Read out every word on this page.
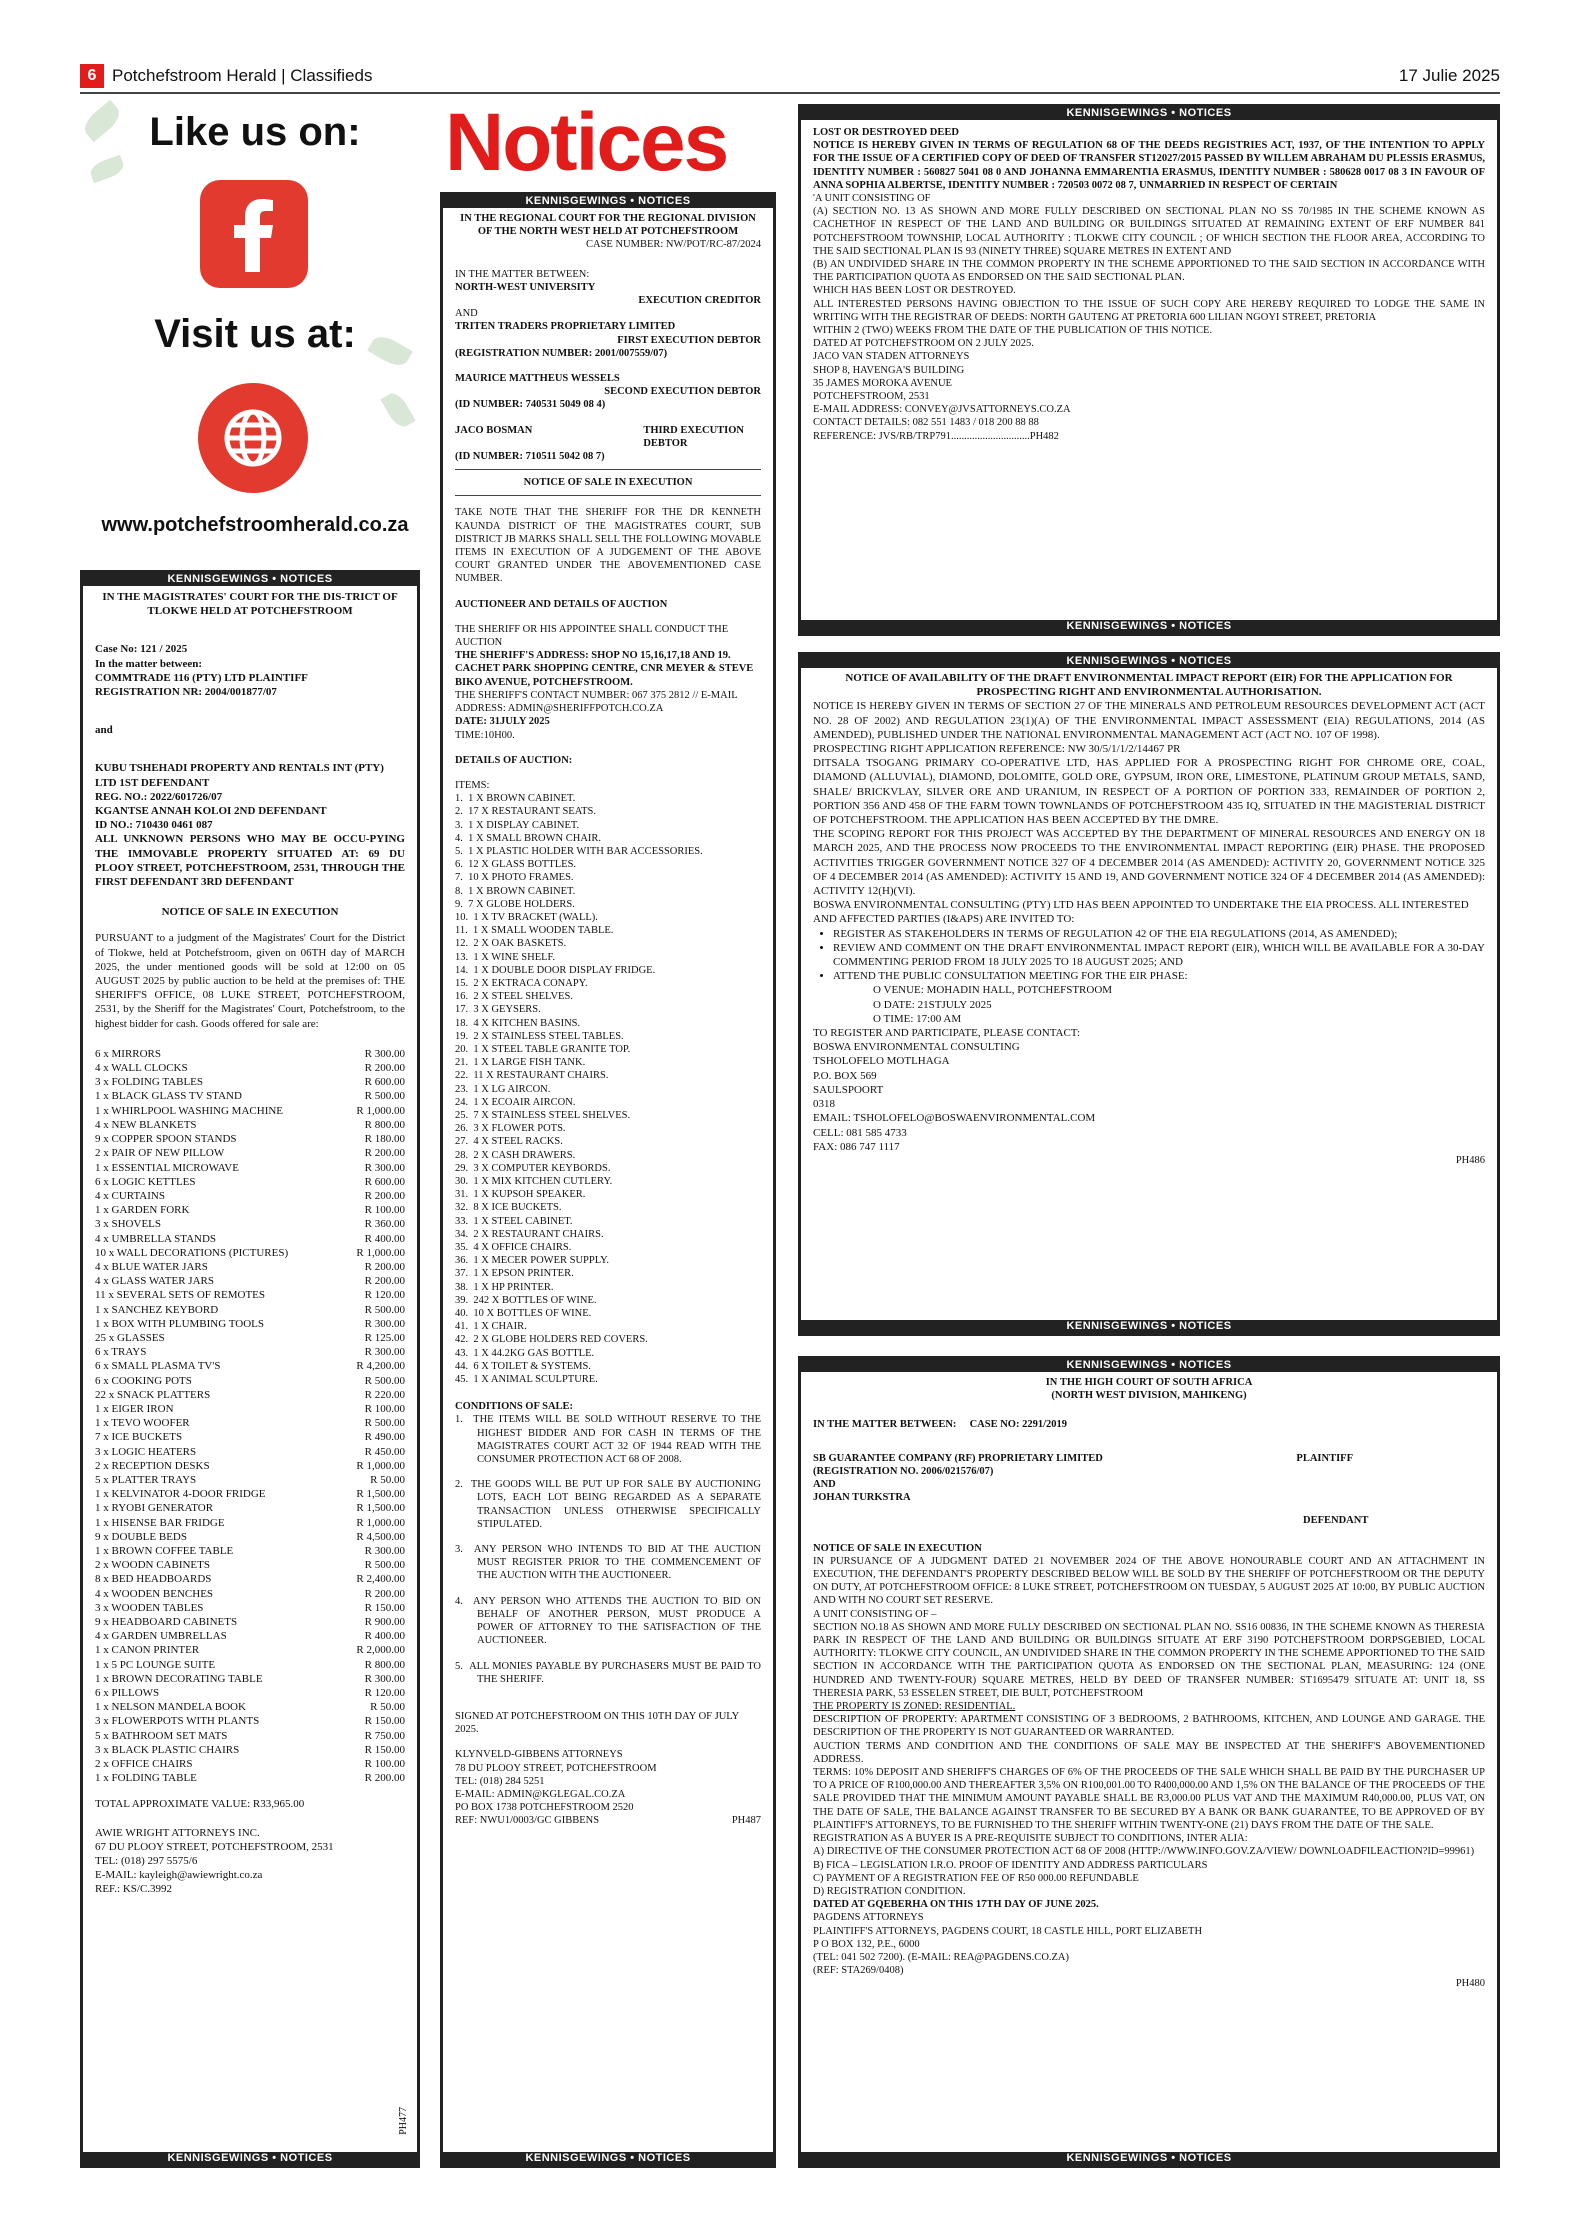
6 Potchefstroom Herald | Classifieds	17 Julie 2025
Like us on:
Visit us at:
www.potchefstroomherald.co.za
Notices
KENNISGEWINGS • NOTICES

IN THE MAGISTRATES' COURT FOR THE DIS-TRICT OF TLOKWE HELD AT POTCHEFSTROOM

Case No: 121 / 2025
In the matter between:
COMMTRADE 116 (PTY) LTD PLAINTIFF
REGISTRATION NR: 2004/001877/07
and
KUBU TSHEHADI PROPERTY AND RENTALS INT (PTY) LTD 1ST DEFENDANT
REG. NO.: 2022/601726/07
KGANTSE ANNAH KOLOI 2ND DEFENDANT
ID NO.: 710430 0461 087
ALL UNKNOWN PERSONS WHO MAY BE OCCU-PYING THE IMMOVABLE PROPERTY SITUATED AT: 69 DU PLOOY STREET, POTCHEFSTROOM, 2531, THROUGH THE FIRST DEFENDANT 3RD DEFENDANT

NOTICE OF SALE IN EXECUTION

PURSUANT to a judgment of the Magistrates' Court for the District of Tlokwe, held at Potchefstroom, given on 06TH day of MARCH 2025, the under mentioned goods will be sold at 12:00 on 05 AUGUST 2025 by public auction to be held at the premises of: THE SHERIFF'S OFFICE, 08 LUKE STREET, POTCHEFSTROOM, 2531, by the Sheriff for the Magistrates' Court, Potchefstroom, to the highest bidder for cash. Goods offered for sale are:

6 x MIRRORS	R 300.00
4 x WALL CLOCKS	R 200.00
3 x FOLDING TABLES	R 600.00
1 x BLACK GLASS TV STAND	R 500.00
1 x WHIRLPOOL WASHING MACHINE	R 1,000.00
4 x NEW BLANKETS	R 800.00
9 x COPPER SPOON STANDS	R 180.00
2 x PAIR OF NEW PILLOW	R 200.00
1 x ESSENTIAL MICROWAVE	R 300.00
6 x LOGIC KETTLES	R 600.00
4 x CURTAINS	R 200.00
1 x GARDEN FORK	R 100.00
3 x SHOVELS	R 360.00
4 x UMBRELLA STANDS	R 400.00
10 x WALL DECORATIONS (PICTURES)	R 1,000.00
4 x BLUE WATER JARS	R 200.00
4 x GLASS WATER JARS	R 200.00
11 x SEVERAL SETS OF REMOTES	R 120.00
1 x SANCHEZ KEYBORD	R 500.00
1 x BOX WITH PLUMBING TOOLS	R 300.00
25 x GLASSES	R 125.00
6 x TRAYS	R 300.00
6 x SMALL PLASMA TV'S	R 4,200.00
6 x COOKING POTS	R 500.00
22 x SNACK PLATTERS	R 220.00
1 x EIGER IRON	R 100.00
1 x TEVO WOOFER	R 500.00
7 x ICE BUCKETS	R 490.00
3 x LOGIC HEATERS	R 450.00
2 x RECEPTION DESKS	R 1,000.00
5 x PLATTER TRAYS	R 50.00
1 x KELVINATOR 4-DOOR FRIDGE	R 1,500.00
1 x RYOBI GENERATOR	R 1,500.00
1 x HISENSE BAR FRIDGE	R 1,000.00
9 x DOUBLE BEDS	R 4,500.00
1 x BROWN COFFEE TABLE	R 300.00
2 x WOODN CABINETS	R 500.00
8 x BED HEADBOARDS	R 2,400.00
4 x WOODEN BENCHES	R 200.00
3 x WOODEN TABLES	R 150.00
9 x HEADBOARD CABINETS	R 900.00
4 x GARDEN UMBRELLAS	R 400.00
1 x CANON PRINTER	R 2,000.00
1 x 5 PC LOUNGE SUITE	R 800.00
1 x BROWN DECORATING TABLE	R 300.00
6 x PILLOWS	R 120.00
1 x NELSON MANDELA BOOK	R 50.00
3 x FLOWERPOTS WITH PLANTS	R 150.00
5 x BATHROOM SET MATS	R 750.00
3 x BLACK PLASTIC CHAIRS	R 150.00
2 x OFFICE CHAIRS	R 100.00
1 x FOLDING TABLE	R 200.00
TOTAL APPROXIMATE VALUE: R33,965.00
AWIE WRIGHT ATTORNEYS INC.
67 DU PLOOY STREET, POTCHEFSTROOM, 2531
TEL: (018) 297 5575/6
E-MAIL: kayleigh@awiewright.co.za
REF.: KS/C.3992
PH477
KENNISGEWINGS • NOTICES
KENNISGEWINGS • NOTICES
IN THE REGIONAL COURT FOR THE REGIONAL DIVISION OF THE NORTH WEST HELD AT POTCHEFSTROOM
CASE NUMBER: NW/POT/RC-87/2024
IN THE MATTER BETWEEN:
NORTH-WEST UNIVERSITY
EXECUTION CREDITOR
AND
TRITEN TRADERS PROPRIETARY LIMITED
FIRST EXECUTION DEBTOR
(REGISTRATION NUMBER: 2001/007559/07)
MAURICE MATTHEUS WESSELS
SECOND EXECUTION DEBTOR
(ID NUMBER: 740531 5049 08 4)
JACO BOSMAN	THIRD EXECUTION DEBTOR
(ID NUMBER: 710511 5042 08 7)
NOTICE OF SALE IN EXECUTION

TAKE NOTE THAT THE SHERIFF FOR THE DR KENNETH KAUNDA DISTRICT OF THE MAGISTRATES COURT, SUB DISTRICT JB MARKS SHALL SELL THE FOLLOWING MOVABLE ITEMS IN EXECUTION OF A JUDGEMENT OF THE ABOVE COURT GRANTED UNDER THE ABOVEMENTIONED CASE NUMBER.

AUCTIONEER AND DETAILS OF AUCTION

THE SHERIFF OR HIS APPOINTEE SHALL CONDUCT THE AUCTION
THE SHERIFF'S ADDRESS: SHOP NO 15,16,17,18 AND 19. CACHET PARK SHOPPING CENTRE, CNR MEYER & STEVE BIKO AVENUE, POTCHEFSTROOM.
THE SHERIFF'S CONTACT NUMBER: 067 375 2812 // E-MAIL ADDRESS: ADMIN@SHERIFFPOTCH.CO.ZA
DATE: 31JULY 2025
TIME:10H00.

DETAILS OF AUCTION:

ITEMS:
1. 1 X BROWN CABINET.
2. 17 X RESTAURANT SEATS.
3. 1 X DISPLAY CABINET.
4. 1 X SMALL BROWN CHAIR.
5. 1 X PLASTIC HOLDER WITH BAR ACCESSORIES.
6. 12 X GLASS BOTTLES.
7. 10 X PHOTO FRAMES.
8. 1 X BROWN CABINET.
9. 7 X GLOBE HOLDERS.
10. 1 X TV BRACKET (WALL).
11. 1 X SMALL WOODEN TABLE.
12. 2 X OAK BASKETS.
13. 1 X WINE SHELF.
14. 1 X DOUBLE DOOR DISPLAY FRIDGE.
15. 2 X EKTRACA CONAPY.
16. 2 X STEEL SHELVES.
17. 3 X GEYSERS.
18. 4 X KITCHEN BASINS.
19. 2 X STAINLESS STEEL TABLES.
20. 1 X STEEL TABLE GRANITE TOP.
21. 1 X LARGE FISH TANK.
22. 11 X RESTAURANT CHAIRS.
23. 1 X LG AIRCON.
24. 1 X ECOAIR AIRCON.
25. 7 X STAINLESS STEEL SHELVES.
26. 3 X FLOWER POTS.
27. 4 X STEEL RACKS.
28. 2 X CASH DRAWERS.
29. 3 X COMPUTER KEYBORDS.
30. 1 X MIX KITCHEN CUTLERY.
31. 1 X KUPSOH SPEAKER.
32. 8 X ICE BUCKETS.
33. 1 X STEEL CABINET.
34. 2 X RESTAURANT CHAIRS.
35. 4 X OFFICE CHAIRS.
36. 1 X MECER POWER SUPPLY.
37. 1 X EPSON PRINTER.
38. 1 X HP PRINTER.
39. 242 X BOTTLES OF WINE.
40. 10 X BOTTLES OF WINE.
41. 1 X CHAIR.
42. 2 X GLOBE HOLDERS RED COVERS.
43. 1 X 44.2KG GAS BOTTLE.
44. 6 X TOILET & SYSTEMS.
45. 1 X ANIMAL SCULPTURE.
CONDITIONS OF SALE:
1. THE ITEMS WILL BE SOLD WITHOUT RESERVE TO THE HIGHEST BIDDER AND FOR CASH IN TERMS OF THE MAGISTRATES COURT ACT 32 OF 1944 READ WITH THE CONSUMER PROTECTION ACT 68 OF 2008.
2. THE GOODS WILL BE PUT UP FOR SALE BY AUCTIONING LOTS, EACH LOT BEING REGARDED AS A SEPARATE TRANSACTION UNLESS OTHERWISE SPECIFICALLY STIPULATED.
3. ANY PERSON WHO INTENDS TO BID AT THE AUCTION MUST REGISTER PRIOR TO THE COMMENCEMENT OF THE AUCTION WITH THE AUCTIONEER.
4. ANY PERSON WHO ATTENDS THE AUCTION TO BID ON BEHALF OF ANOTHER PERSON, MUST PRODUCE A POWER OF ATTORNEY TO THE SATISFACTION OF THE AUCTIONEER.
5. ALL MONIES PAYABLE BY PURCHASERS MUST BE PAID TO THE SHERIFF.

SIGNED AT POTCHEFSTROOM ON THIS 10TH DAY OF JULY 2025.

KLYNVELD-GIBBENS ATTORNEYS
78 DU PLOOY STREET, POTCHEFSTROOM
TEL: (018) 284 5251
E-MAIL: ADMIN@KGLEGAL.CO.ZA
PO BOX 1738 POTCHEFSTROOM 2520
REF: NWU1/0003/GC GIBBENS	PH487
KENNISGEWINGS • NOTICES
KENNISGEWINGS • NOTICES
LOST OR DESTROYED DEED
NOTICE IS HEREBY GIVEN IN TERMS OF REGULATION 68 OF THE DEEDS REGISTRIES ACT, 1937, OF THE INTENTION TO APPLY FOR THE ISSUE OF A CERTIFIED COPY OF DEED OF TRANSFER ST12027/2015 PASSED BY WILLEM ABRAHAM DU PLESSIS ERASMUS, IDENTITY NUMBER : 560827 5041 08 0 AND JOHANNA EMMARENTIA ERASMUS, IDENTITY NUMBER : 580628 0017 08 3 IN FAVOUR OF ANNA SOPHIA ALBERTSE, IDENTITY NUMBER : 720503 0072 08 7, UNMARRIED IN RESPECT OF CERTAIN
'A UNIT CONSISTING OF
(A) SECTION NO. 13 AS SHOWN AND MORE FULLY DESCRIBED ON SECTIONAL PLAN NO SS 70/1985 IN THE SCHEME KNOWN AS CACHETHOF IN RESPECT OF THE LAND AND BUILDING OR BUILDINGS SITUATED AT REMAINING EXTENT OF ERF NUMBER 841 POTCHEFSTROOM TOWNSHIP, LOCAL AUTHORITY : TLOKWE CITY COUNCIL ; OF WHICH SECTION THE FLOOR AREA, ACCORDING TO THE SAID SECTIONAL PLAN IS 93 (NINETY THREE) SQUARE METRES IN EXTENT AND
(B) AN UNDIVIDED SHARE IN THE COMMON PROPERTY IN THE SCHEME APPORTIONED TO THE SAID SECTION IN ACCORDANCE WITH THE PARTICIPATION QUOTA AS ENDORSED ON THE SAID SECTIONAL PLAN.
WHICH HAS BEEN LOST OR DESTROYED.
ALL INTERESTED PERSONS HAVING OBJECTION TO THE ISSUE OF SUCH COPY ARE HEREBY REQUIRED TO LODGE THE SAME IN WRITING WITH THE REGISTRAR OF DEEDS: NORTH GAUTENG AT PRETORIA 600 LILIAN NGOYI STREET, PRETORIA
WITHIN 2 (TWO) WEEKS FROM THE DATE OF THE PUBLICATION OF THIS NOTICE.
DATED AT POTCHEFSTROOM ON 2 JULY 2025.
JACO VAN STADEN ATTORNEYS
SHOP 8, HAVENGA'S BUILDING
35 JAMES MOROKA AVENUE
POTCHEFSTROOM, 2531
E-MAIL ADDRESS: CONVEY@JVSATTORNEYS.CO.ZA
CONTACT DETAILS: 082 551 1483 / 018 200 88 88
REFERENCE: JVS/RB/TRP791..............................PH482
KENNISGEWINGS • NOTICES
KENNISGEWINGS • NOTICES
NOTICE OF AVAILABILITY OF THE DRAFT ENVIRONMENTAL IMPACT REPORT (EIR) FOR THE APPLICATION FOR PROSPECTING RIGHT AND ENVIRONMENTAL AUTHORISATION.
NOTICE IS HEREBY GIVEN IN TERMS OF SECTION 27 OF THE MINERALS AND PETROLEUM RESOURCES DEVELOPMENT ACT (ACT NO. 28 OF 2002) AND REGULATION 23(1)(A) OF THE ENVIRONMENTAL IMPACT ASSESSMENT (EIA) REGULATIONS, 2014 (AS AMENDED), PUBLISHED UNDER THE NATIONAL ENVIRONMENTAL MANAGEMENT ACT (ACT NO. 107 OF 1998).
PROSPECTING RIGHT APPLICATION REFERENCE: NW 30/5/1/1/2/14467 PR
DITSALA TSOGANG PRIMARY CO-OPERATIVE LTD, HAS APPLIED FOR A PROSPECTING RIGHT FOR CHROME ORE, COAL, DIAMOND (ALLUVIAL), DIAMOND, DOLOMITE, GOLD ORE, GYPSUM, IRON ORE, LIMESTONE, PLATINUM GROUP METALS, SAND, SHALE/ BRICKVLAY, SILVER ORE AND URANIUM, IN RESPECT OF A PORTION OF PORTION 333, REMAINDER OF PORTION 2, PORTION 356 AND 458 OF THE FARM TOWN TOWNLANDS OF POTCHEFSTROOM 435 IQ, SITUATED IN THE MAGISTERIAL DISTRICT OF POTCHEFSTROOM. THE APPLICATION HAS BEEN ACCEPTED BY THE DMRE.
THE SCOPING REPORT FOR THIS PROJECT WAS ACCEPTED BY THE DEPARTMENT OF MINERAL RESOURCES AND ENERGY ON 18 MARCH 2025, AND THE PROCESS NOW PROCEEDS TO THE ENVIRONMENTAL IMPACT REPORTING (EIR) PHASE. THE PROPOSED ACTIVITIES TRIGGER GOVERNMENT NOTICE 327 OF 4 DECEMBER 2014 (AS AMENDED): ACTIVITY 20, GOVERNMENT NOTICE 325 OF 4 DECEMBER 2014 (AS AMENDED): ACTIVITY 15 AND 19, AND GOVERNMENT NOTICE 324 OF 4 DECEMBER 2014 (AS AMENDED): ACTIVITY 12(H)(VI).
BOSWA ENVIRONMENTAL CONSULTING (PTY) LTD HAS BEEN APPOINTED TO UNDERTAKE THE EIA PROCESS. ALL INTERESTED
AND AFFECTED PARTIES (I&APS) ARE INVITED TO:
• REGISTER AS STAKEHOLDERS IN TERMS OF REGULATION 42 OF THE EIA REGULATIONS (2014, AS AMENDED);
• REVIEW AND COMMENT ON THE DRAFT ENVIRONMENTAL IMPACT REPORT (EIR), WHICH WILL BE AVAILABLE FOR A 30-DAY COMMENTING PERIOD FROM 18 JULY 2025 TO 18 AUGUST 2025; AND
• ATTEND THE PUBLIC CONSULTATION MEETING FOR THE EIR PHASE:
O VENUE: MOHADIN HALL, POTCHEFSTROOM
O DATE: 21STJULY 2025
O TIME: 17:00 AM
TO REGISTER AND PARTICIPATE, PLEASE CONTACT:
BOSWA ENVIRONMENTAL CONSULTING
TSHOLOFELO MOTLHAGA
P.O. BOX 569
SAULSPOORT
0318
EMAIL: TSHOLOFELO@BOSWAENVIRONMENTAL.COM
CELL: 081 585 4733
FAX: 086 747 1117
PH486
KENNISGEWINGS • NOTICES
KENNISGEWINGS • NOTICES
IN THE HIGH COURT OF SOUTH AFRICA
(NORTH WEST DIVISION, MAHIKENG)
IN THE MATTER BETWEEN: CASE NO: 2291/2019
SB GUARANTEE COMPANY (RF) PROPRIETARY LIMITED	PLAINTIFF
(REGISTRATION NO. 2006/021576/07)
AND
JOHAN TURKSTRA
DEFENDANT
NOTICE OF SALE IN EXECUTION
IN PURSUANCE OF A JUDGMENT DATED 21 NOVEMBER 2024 OF THE ABOVE HONOURABLE COURT AND AN ATTACHMENT IN EXECUTION, THE DEFENDANT'S PROPERTY DESCRIBED BELOW WILL BE SOLD BY THE SHERIFF OF POTCHEFSTROOM OR THE DEPUTY ON DUTY, AT POTCHEFSTROOM OFFICE: 8 LUKE STREET, POTCHEFSTROOM ON TUESDAY, 5 AUGUST 2025 AT 10:00, BY PUBLIC AUCTION AND WITH NO COURT SET RESERVE.
A UNIT CONSISTING OF –
SECTION NO.18 AS SHOWN AND MORE FULLY DESCRIBED ON SECTIONAL PLAN NO. SS16 00836, IN THE SCHEME KNOWN AS THERESIA PARK IN RESPECT OF THE LAND AND BUILDING OR BUILDINGS SITUATE AT ERF 3190 POTCHEFSTROOM DORPSGEBIED, LOCAL AUTHORITY: TLOKWE CITY COUNCIL, AN UNDIVIDED SHARE IN THE COMMON PROPERTY IN THE SCHEME APPORTIONED TO THE SAID SECTION IN ACCORDANCE WITH THE PARTICIPATION QUOTA AS ENDORSED ON THE SECTIONAL PLAN, MEASURING: 124 (ONE HUNDRED AND TWENTY-FOUR) SQUARE METRES, HELD BY DEED OF TRANSFER NUMBER: ST1695479 SITUATE AT: UNIT 18, SS THERESIA PARK, 53 ESSELEN STREET, DIE BULT, POTCHEFSTROOM
THE PROPERTY IS ZONED: RESIDENTIAL.
DESCRIPTION OF PROPERTY: APARTMENT CONSISTING OF 3 BEDROOMS, 2 BATHROOMS, KITCHEN, AND LOUNGE AND GARAGE. THE DESCRIPTION OF THE PROPERTY IS NOT GUARANTEED OR WARRANTED.
AUCTION TERMS AND CONDITION AND THE CONDITIONS OF SALE MAY BE INSPECTED AT THE SHERIFF'S ABOVEMENTIONED ADDRESS.
TERMS: 10% DEPOSIT AND SHERIFF'S CHARGES OF 6% OF THE PROCEEDS OF THE SALE WHICH SHALL BE PAID BY THE PURCHASER UP TO A PRICE OF R100,000.00 AND THEREAFTER 3,5% ON R100,001.00 TO R400,000.00 AND 1,5% ON THE BALANCE OF THE PROCEEDS OF THE SALE PROVIDED THAT THE MINIMUM AMOUNT PAYABLE SHALL BE R3,000.00 PLUS VAT AND THE MAXIMUM R40,000.00, PLUS VAT, ON THE DATE OF SALE, THE BALANCE AGAINST TRANSFER TO BE SECURED BY A BANK OR BANK GUARANTEE, TO BE APPROVED OF BY PLAINTIFF'S ATTORNEYS, TO BE FURNISHED TO THE SHERIFF WITHIN TWENTY-ONE (21) DAYS FROM THE DATE OF THE SALE.
REGISTRATION AS A BUYER IS A PRE-REQUISITE SUBJECT TO CONDITIONS, INTER ALIA:
A) DIRECTIVE OF THE CONSUMER PROTECTION ACT 68 OF 2008 (HTTP://WWW.INFO.GOV.ZA/VIEW/ DOWNLOADFILEACTION?ID=99961)
B) FICA – LEGISLATION I.R.O. PROOF OF IDENTITY AND ADDRESS PARTICULARS
C) PAYMENT OF A REGISTRATION FEE OF R50 000.00 REFUNDABLE
D) REGISTRATION CONDITION.
DATED AT GQEBERHA ON THIS 17TH DAY OF JUNE 2025.
PAGDENS ATTORNEYS
PLAINTIFF'S ATTORNEYS, PAGDENS COURT, 18 CASTLE HILL, PORT ELIZABETH
P O BOX 132, P.E., 6000
(TEL: 041 502 7200). (E-MAIL: REA@PAGDENS.CO.ZA)
(REF: STA269/0408)
PH480
KENNISGEWINGS • NOTICES
